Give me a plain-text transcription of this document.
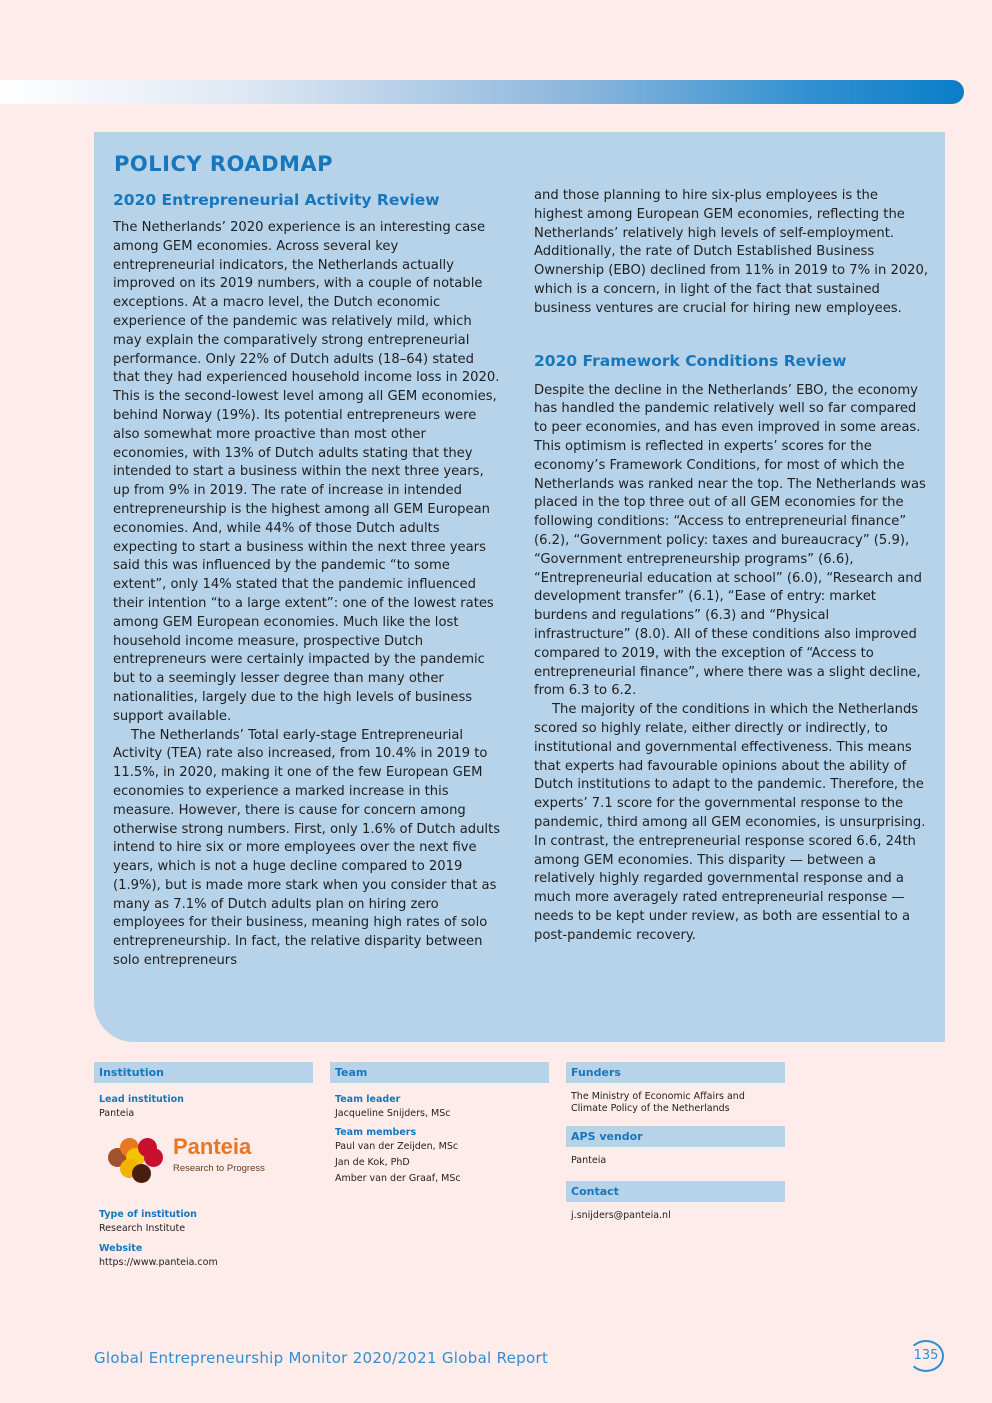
POLICY ROADMAP
2020 Entrepreneurial Activity Review

The Netherlands’ 2020 experience is an interesting case among GEM economies. Across several key entrepreneurial indicators, the Netherlands actually improved on its 2019 numbers, with a couple of notable exceptions. At a macro level, the Dutch economic experience of the pandemic was relatively mild, which may explain the comparatively strong entrepreneurial performance. Only 22% of Dutch adults (18–64) stated that they had experienced household income loss in 2020. This is the second-lowest level among all GEM economies, behind Norway (19%). Its potential entrepreneurs were also somewhat more proactive than most other economies, with 13% of Dutch adults stating that they intended to start a business within the next three years, up from 9% in 2019. The rate of increase in intended entrepreneurship is the highest among all GEM European economies. And, while 44% of those Dutch adults expecting to start a business within the next three years said this was influenced by the pandemic “to some extent”, only 14% stated that the pandemic influenced their intention “to a large extent”: one of the lowest rates among GEM European economies. Much like the lost household income measure, prospective Dutch entrepreneurs were certainly impacted by the pandemic but to a seemingly lesser degree than many other nationalities, largely due to the high levels of business support available.

The Netherlands’ Total early-stage Entrepreneurial Activity (TEA) rate also increased, from 10.4% in 2019 to 11.5%, in 2020, making it one of the few European GEM economies to experience a marked increase in this measure. However, there is cause for concern among otherwise strong numbers. First, only 1.6% of Dutch adults intend to hire six or more employees over the next five years, which is not a huge decline compared to 2019 (1.9%), but is made more stark when you consider that as many as 7.1% of Dutch adults plan on hiring zero employees for their business, meaning high rates of solo entrepreneurship. In fact, the relative disparity between solo entrepreneurs

and those planning to hire six-plus employees is the highest among European GEM economies, reflecting the Netherlands’ relatively high levels of self-employment. Additionally, the rate of Dutch Established Business Ownership (EBO) declined from 11% in 2019 to 7% in 2020, which is a concern, in light of the fact that sustained business ventures are crucial for hiring new employees.

2020 Framework Conditions Review

Despite the decline in the Netherlands’ EBO, the economy has handled the pandemic relatively well so far compared to peer economies, and has even improved in some areas. This optimism is reflected in experts’ scores for the economy’s Framework Conditions, for most of which the Netherlands was ranked near the top. The Netherlands was placed in the top three out of all GEM economies for the following conditions: “Access to entrepreneurial finance” (6.2), “Government policy: taxes and bureaucracy” (5.9), “Government entrepreneurship programs” (6.6), “Entrepreneurial education at school” (6.0), “Research and development transfer” (6.1), “Ease of entry: market burdens and regulations” (6.3) and “Physical infrastructure” (8.0). All of these conditions also improved compared to 2019, with the exception of “Access to entrepreneurial finance”, where there was a slight decline, from 6.3 to 6.2.

The majority of the conditions in which the Netherlands scored so highly relate, either directly or indirectly, to institutional and governmental effectiveness. This means that experts had favourable opinions about the ability of Dutch institutions to adapt to the pandemic. Therefore, the experts’ 7.1 score for the governmental response to the pandemic, third among all GEM economies, is unsurprising. In contrast, the entrepreneurial response scored 6.6, 24th among GEM economies. This disparity — between a relatively highly regarded governmental response and a much more averagely rated entrepreneurial response — needs to be kept under review, as both are essential to a post-pandemic recovery.

Institution
Lead institution
Panteia
Panteia
Research to Progress
Type of institution
Research Institute
Website
https://www.panteia.com
Team
Team leader
Jacqueline Snijders, MSc
Team members
Paul van der Zeijden, MSc
Jan de Kok, PhD
Amber van der Graaf, MSc
Funders
The Ministry of Economic Affairs and
Climate Policy of the Netherlands
APS vendor
Panteia
Contact
j.snijders@panteia.nl
Global Entrepreneurship Monitor 2020/2021 Global Report	135
